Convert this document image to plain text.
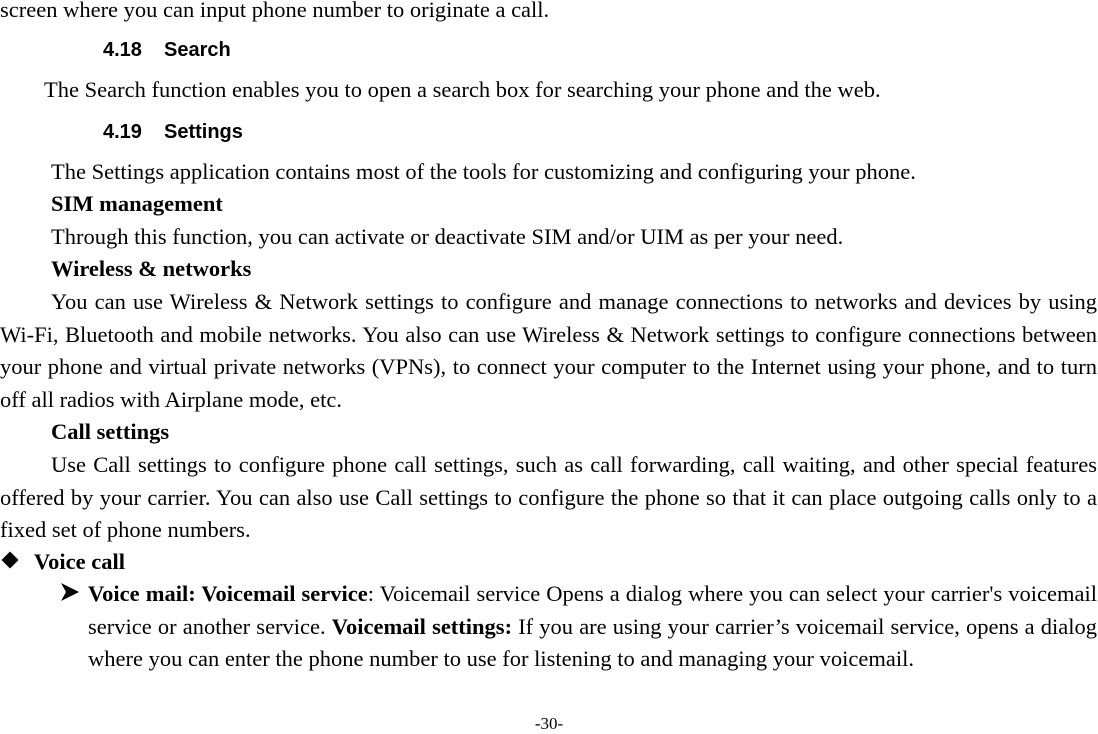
screen where you can input phone number to originate a call.
4.18 Search
The Search function enables you to open a search box for searching your phone and the web.
4.19 Settings
The Settings application contains most of the tools for customizing and configuring your phone.
SIM management
Through this function, you can activate or deactivate SIM and/or UIM as per your need.
Wireless & networks
You can use Wireless & Network settings to configure and manage connections to networks and devices by using Wi-Fi, Bluetooth and mobile networks. You also can use Wireless & Network settings to configure connections between your phone and virtual private networks (VPNs), to connect your computer to the Internet using your phone, and to turn off all radios with Airplane mode, etc.
Call settings
Use Call settings to configure phone call settings, such as call forwarding, call waiting, and other special features offered by your carrier. You can also use Call settings to configure the phone so that it can place outgoing calls only to a fixed set of phone numbers.
Voice call
Voice mail: Voicemail service: Voicemail service Opens a dialog where you can select your carrier's voicemail service or another service. Voicemail settings: If you are using your carrier’s voicemail service, opens a dialog where you can enter the phone number to use for listening to and managing your voicemail.
-30-
